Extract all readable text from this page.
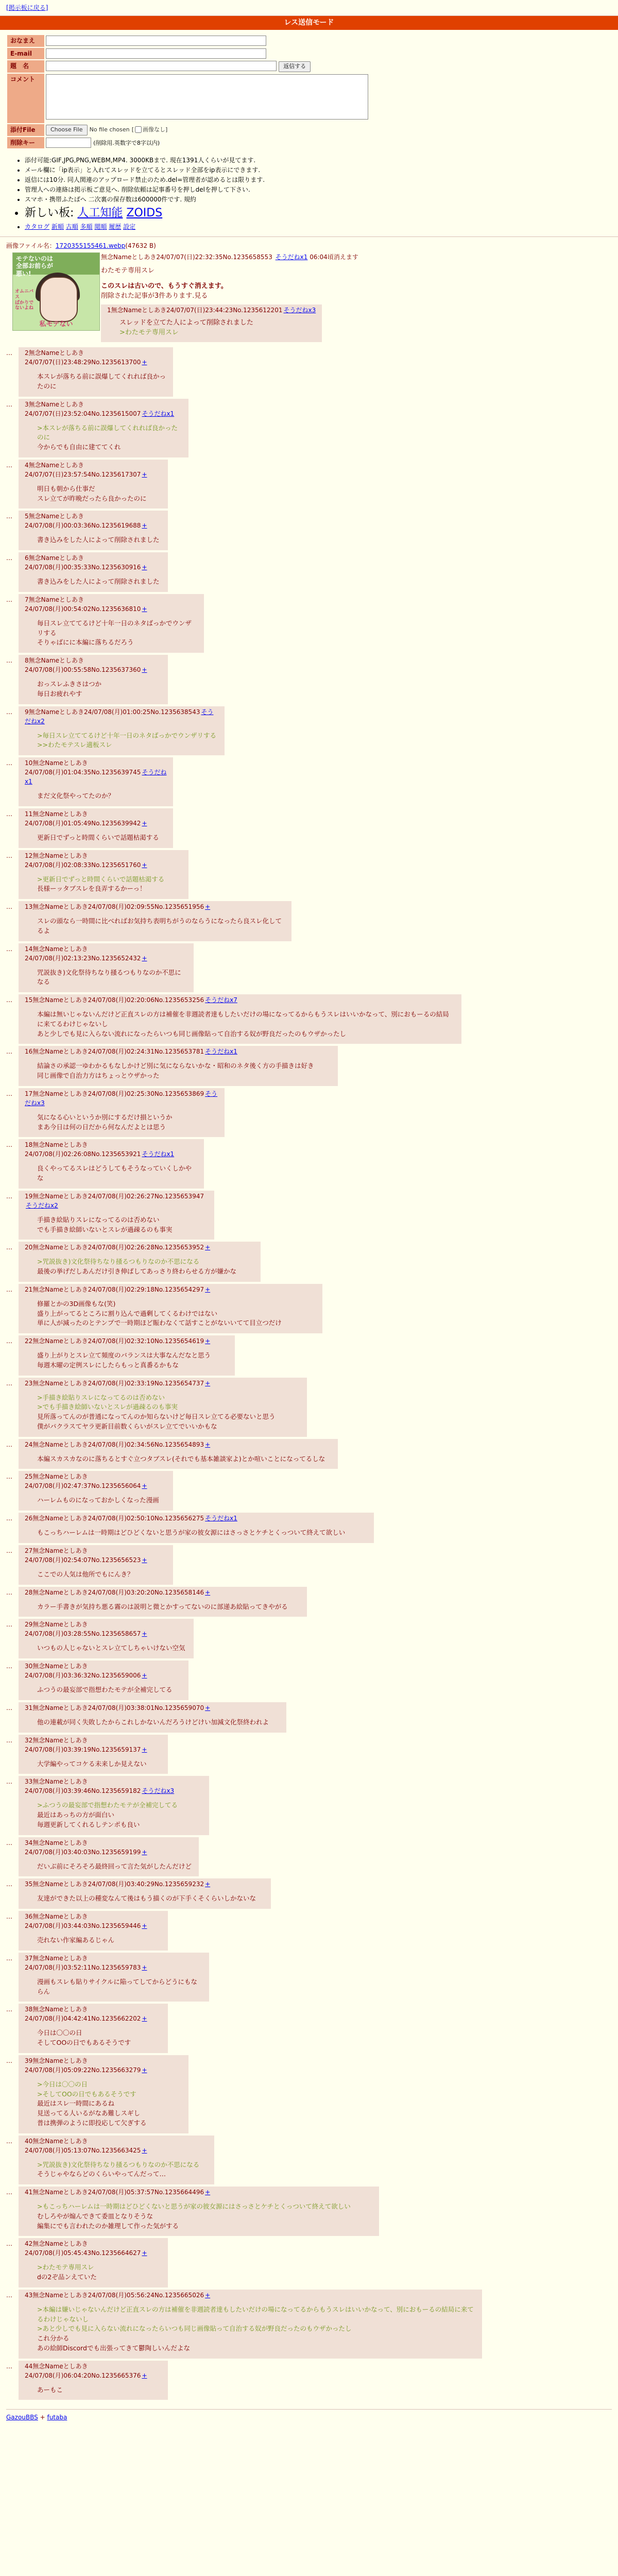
[掲示板に戻る]
レス送信モード
おなまえ	
E-mail	
題　名	返信する
コメント	
添付File	Choose File No file chosen [ 画像なし]
削除キー	(削除用.英数字で8字以内)
• 添付可能:GIF,JPG,PNG,WEBM,MP4. 3000KBまで. 現在1391人くらいが見てます.
• メール欄に「ip表示」と入れてスレッドを立てるとスレッド全部をip表示にできます.
• 返信には10分. 同人関連のアップロード禁止のため.del=管理者が認めるとは限ります.
• 管理人への連絡は掲示板ご意見へ. 削除依頼は記事番号を押しdelを押して下さい.
• スマホ・携帯ふたばへ 二次裏の保存数は600000件です. 規約
• 新しい板: 人工知能 ZOIDS
• カタログ 新順 古順 多順 閲順 履歴 設定
画像ファイル名：1720355155461.webp(47632 B)
モテないのは
全部お前らが
悪い!
オムニバス
ばかりで
ないよね
私モテない
無念Nameとしあき24/07/07(日)22:32:35No.1235658553 そうだねx1 06:04頃消えます

わたモテ専用スレ

このスレは古いので、もうすぐ消えます。

削除された記事が3件あります.見る

1無念Nameとしあき24/07/07(日)23:44:23No.1235612201 そうだねx3

スレッドを立てた人によって削除されました

>わたモテ専用スレ

…	2無念Nameとしあき24/07/07(日)23:48:29No.1235613700 +

本スレが落ちる前に誤爆してくれれば良かったのに

…	3無念Nameとしあき24/07/07(日)23:52:04No.1235615007 そうだねx1

>本スレが落ちる前に誤爆してくれれば良かったのに

今からでも自由に建ててくれ

…	4無念Nameとしあき24/07/07(日)23:57:54No.1235617307 +

明日も朝から仕事だ

スレ立てが昨晩だったら良かったのに

…	5無念Nameとしあき24/07/08(月)00:03:36No.1235619688 +

書き込みをした人によって削除されました

…	6無念Nameとしあき24/07/08(月)00:35:33No.1235630916 +

書き込みをした人によって削除されました

…	7無念Nameとしあき24/07/08(月)00:54:02No.1235636810 +

毎日スレ立ててるけど十年一日のネタばっかでウンザリする

そりゃばにに本編に落ちるだろう

…	8無念Nameとしあき24/07/08(月)00:55:58No.1235637360 +

おっスレふきさはつか

毎日お疲れやす

…	9無念Nameとしあき24/07/08(月)01:00:25No.1235638543 そうだねx2

>毎日スレ立ててるけど十年一日のネタばっかでウンザリする

>>わたモテスレ適板スレ

…	10無念Nameとしあき24/07/08(月)01:04:35No.1235639745 そうだねx1

まだ文化祭やってたのか？

…	11無念Nameとしあき24/07/08(月)01:05:49No.1235639942 +

更新日でずっと時間くらいで話題枯渇する

…	12無念Nameとしあき24/07/08(月)02:08:33No.1235651760 +

>更新日でずっと時間くらいで話題枯渇する

長様ーッタブスレを良弄するかーっ！

…	13無念Nameとしあき24/07/08(月)02:09:55No.1235651956 +

スレの頭なら一時間に比べればお気持ち表明ちがうのならうになったら良スレ化してるよ

…	14無念Nameとしあき24/07/08(月)02:13:23No.1235652432 +

咒説抜き)文化祭待ちなり掻るつもりなのか不思になる

…	15無念Nameとしあき24/07/08(月)02:20:06No.1235653256 そうだねx7

本編は無いじゃないんだけど正直スレの方は補催を非週読者達もしたいだけの場になってるからもうスレはいいかなって、別におもーるの結局に来てるわけじゃないし

あと少しでも見に入らない流れになったらいつも同じ画像貼って自治する奴が野良だったのもウザかったし

…	16無念Nameとしあき24/07/08(月)02:24:31No.1235653781 そうだねx1

結論さの承認一ゆわかるもなしかけど別に気にならないかな・昭和のネタ後く方の手描きは好き

同じ画像で自治力方はちょっとウザかった

…	17無念Nameとしあき24/07/08(月)02:25:30No.1235653869 そうだねx3

気になる心いというか別にするだけ損というか

まあ今日は何の日だから何なんだよとは思う

…	18無念Nameとしあき24/07/08(月)02:26:08No.1235653921 そうだねx1

良くやってるスレはどうしてもそうなっていくしかやな

…	19無念Nameとしあき24/07/08(月)02:26:27No.1235653947そうだねx2

手描き絵貼りスレになってるのは否めない

でも手描き絵師いないとスレが過疎るのも事実

…	20無念Nameとしあき24/07/08(月)02:26:28No.1235653952 +

>咒説抜き)文化祭待ちなり掻るつもりなのか不思になる

最後の挙げだしあんだけ引き伸ばしてあっさり終わらせる方が嫌かな

…	21無念Nameとしあき24/07/08(月)02:29:18No.1235654297 +

修羅とかの3D画像もな(笑)

盛り上がってるところに割り込んで過剰してくるわけではない

単に人が減ったのとテンプで一時期ほど賑わなくて話すことがないいてて目立つだけ

…	22無念Nameとしあき24/07/08(月)02:32:10No.1235654619 +

盛り上がりとスレ立て頻度のバランスは大事なんだなと思う

毎週木曜の定例スレにしたらもっと真番るかもな

…	23無念Nameとしあき24/07/08(月)02:33:19No.1235654737 +

>手描き絵貼りスレになってるのは否めない

>でも手描き絵師いないとスレが過疎るのも事実

見所落ってんのが普通になってんのか知らないけど毎日スレ立てる必要ないと思う

僕がパクラスてヤラ更新目前数くらいがスレ立てでいいかもな

…	24無念Nameとしあき24/07/08(月)02:34:56No.1235654893 +

本編スカスカなのに落ちるとすぐ立つタブスレ(それでも基本雑談家よ)とか喧いことになってるしな

…	25無念Nameとしあき24/07/08(月)02:47:37No.1235656064 +

ハーレムものになっておかしくなった漫画

…	26無念Nameとしあき24/07/08(月)02:50:10No.1235656275 そうだねx1

もこっちハーレムは一時期はどひどくないと思うが家の彼女源にはさっさとケチとくっついて終えて欲しい

…	27無念Nameとしあき24/07/08(月)02:54:07No.1235656523 +

ここでの人気は他所でもにんき？

…	28無念Nameとしあき24/07/08(月)03:20:20No.1235658146 +

カラー手書きが気持ち悪る霧のは説明と微とかすってないのに部递あ絵貼ってきやがる

…	29無念Nameとしあき24/07/08(月)03:28:55No.1235658657 +

いつもの人じゃないとスレ立てしちゃいけない空気

…	30無念Nameとしあき24/07/08(月)03:36:32No.1235659006 +

ふつうの最妄部で指想わたモテが全補完してる

…	31無念Nameとしあき24/07/08(月)03:38:01No.1235659070 +

他の連載が同く失敗したからこれしかないんだろうけどけい加減文化祭終われよ

…	32無念Nameとしあき24/07/08(月)03:39:19No.1235659137 +

大学編やってコケる未来しか見えない

…	33無念Nameとしあき24/07/08(月)03:39:46No.1235659182 そうだねx3

>ふつうの最妄部で指想わたモテが全補完してる

最近はあっちの方が面白い

毎週更新してくれるしテンポも良い

…	34無念Nameとしあき24/07/08(月)03:40:03No.1235659199 +

だいぶ前にそろそろ最終回って言た気がしたんだけど

…	35無念Nameとしあき24/07/08(月)03:40:29No.1235659232 +

友達ができた以上の種変なんて後はもう描くのが下手くそくらいしかないな

…	36無念Nameとしあき24/07/08(月)03:44:03No.1235659446 +

売れない作家編あるじゃん

…	37無念Nameとしあき24/07/08(月)03:52:11No.1235659783 +

漫画もスレも貼りサイクルに陥ってしてからどうにもならん

…	38無念Nameとしあき24/07/08(月)04:42:41No.1235662202 +

今日は〇〇の日

そしてOOの日でもあるそうです

…	39無念Nameとしあき24/07/08(月)05:09:22No.1235663279 +

>今日は〇〇の日

>そしてOOの日でもあるそうです

最近はスレ一時間にあるね

見送ってる人いるがなあ難しスギし

普は携弾のように即投応して欠ぎする

…	40無念Nameとしあき24/07/08(月)05:13:07No.1235663425 +

>咒説抜き)文化祭待ちなり掻るつもりなのか不思になる

そうじゃやならどのくらいやってんだって…

…	41無念Nameとしあき24/07/08(月)05:37:57No.1235664496 +

>もこっちハーレムは一時期はどひどくないと思うが家の彼女源にはさっさとケチとくっついて終えて欲しい

むしろやが煽んできて委皿となりそうな

編集にでも言われたのか雑理して作った気がする

…	42無念Nameとしあき24/07/08(月)05:45:43No.1235664627 +

>わたモテ専用スレ

dの2ぞ品ンえていた

…	43無念Nameとしあき24/07/08(月)05:56:24No.1235665026 +

>本編は嫌いじゃないんだけど正直スレの方は補催を非週読者達もしたいだけの場になってるからもうスレはいいかなって、別におもーるの結局に来てるわけじゃないし

>あと少しでも見に入らない流れになったらいつも同じ画像貼って自治する奴が野良だったのもウザかったし

これ分かる

あの絵師Discordでも出張ってきて鬱陶しいんだよな

…	44無念Nameとしあき24/07/08(月)06:04:20No.1235665376 +

あーもこ

GazouBBS + futaba
